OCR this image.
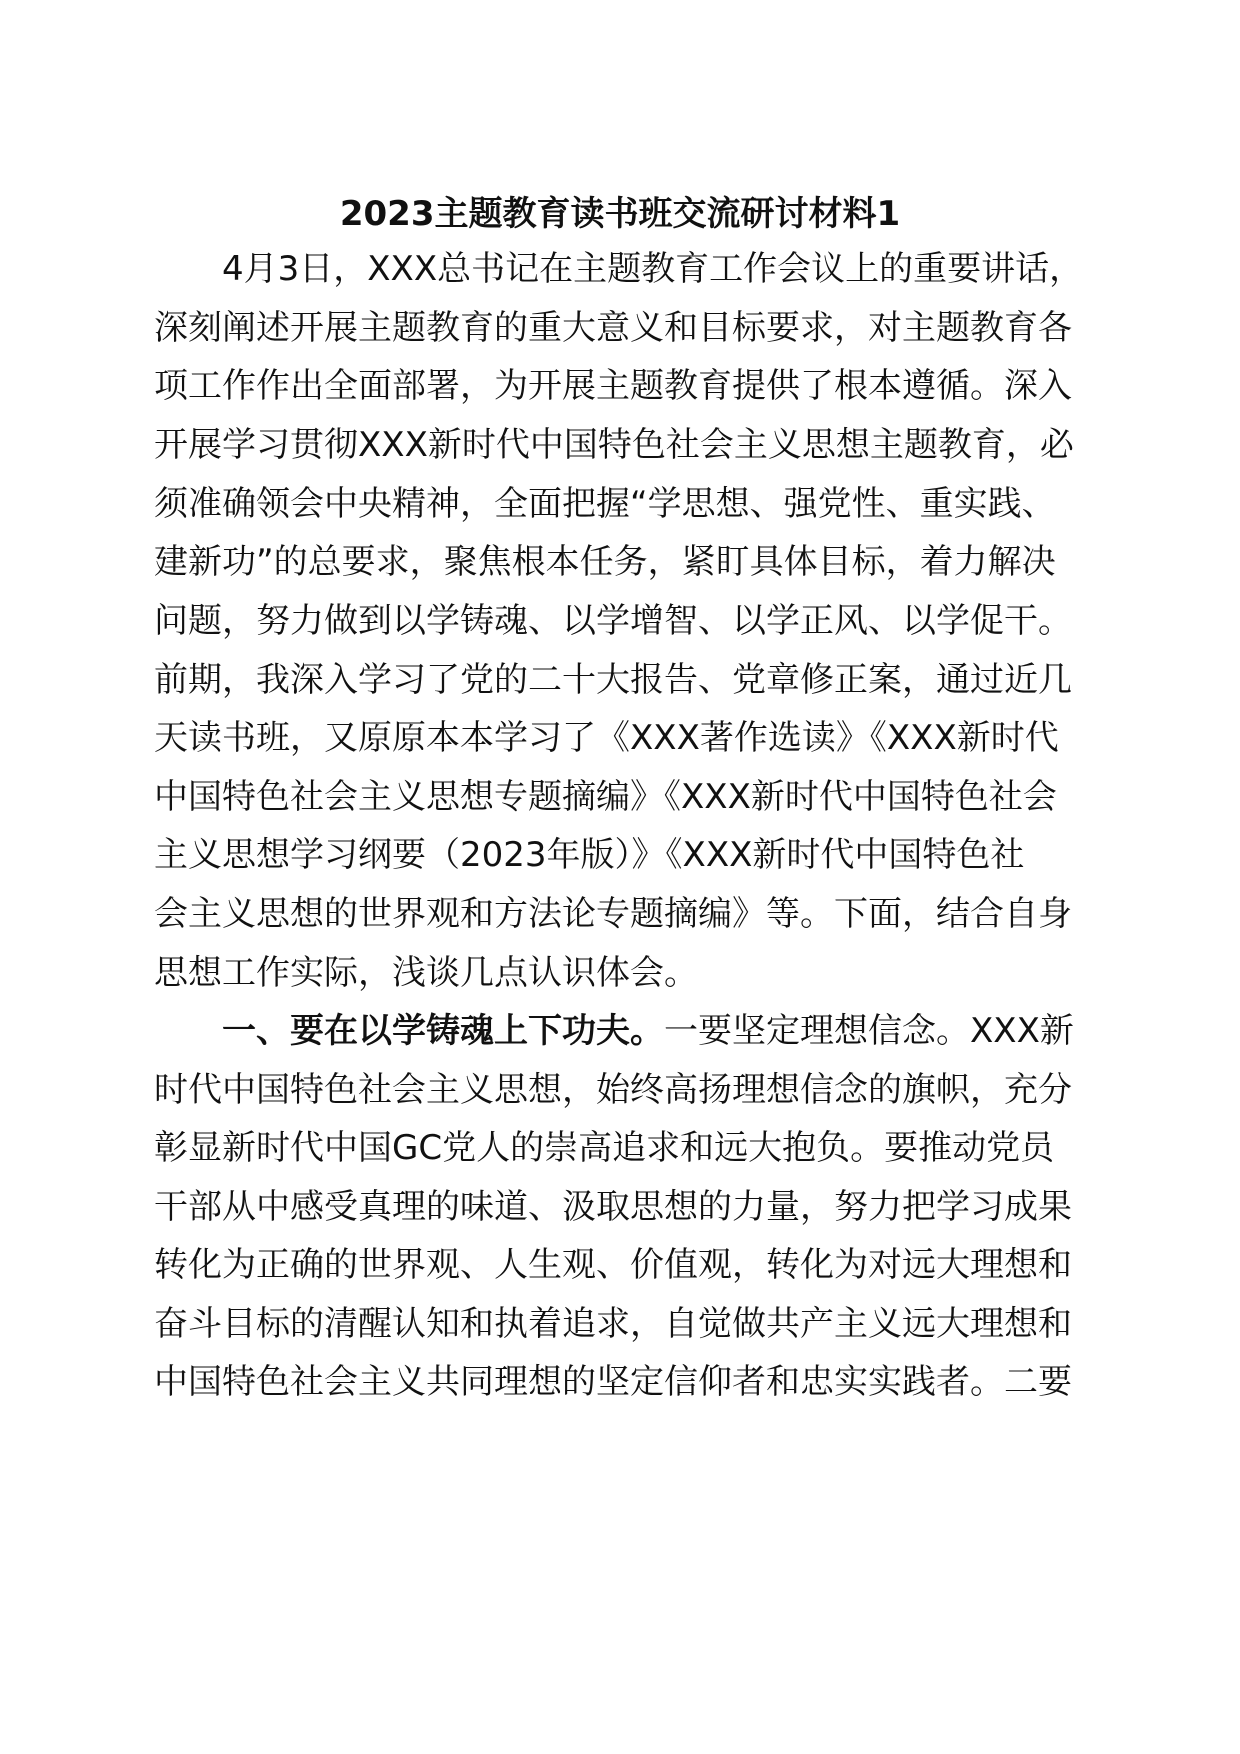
2023主题教育读书班交流研讨材料1
4月3日，XXX总书记在主题教育工作会议上的重要讲话，
深刻阐述开展主题教育的重大意义和目标要求，对主题教育各
项工作作出全面部署，为开展主题教育提供了根本遵循。深入
开展学习贯彻XXX新时代中国特色社会主义思想主题教育，必
须准确领会中央精神，全面把握“学思想、强党性、重实践、
建新功”的总要求，聚焦根本任务，紧盯具体目标，着力解决
问题，努力做到以学铸魂、以学增智、以学正风、以学促干。
前期，我深入学习了党的二十大报告、党章修正案，通过近几
天读书班，又原原本本学习了《XXX著作选读》《XXX新时代
中国特色社会主义思想专题摘编》《XXX新时代中国特色社会
主义思想学习纲要（2023年版）》《XXX新时代中国特色社
会主义思想的世界观和方法论专题摘编》等。下面，结合自身
思想工作实际，浅谈几点认识体会。
一、要在以学铸魂上下功夫。一要坚定理想信念。XXX新
时代中国特色社会主义思想，始终高扬理想信念的旗帜，充分
彰显新时代中国GC党人的崇高追求和远大抱负。要推动党员
干部从中感受真理的味道、汲取思想的力量，努力把学习成果
转化为正确的世界观、人生观、价值观，转化为对远大理想和
奋斗目标的清醒认知和执着追求，自觉做共产主义远大理想和
中国特色社会主义共同理想的坚定信仰者和忠实实践者。二要
